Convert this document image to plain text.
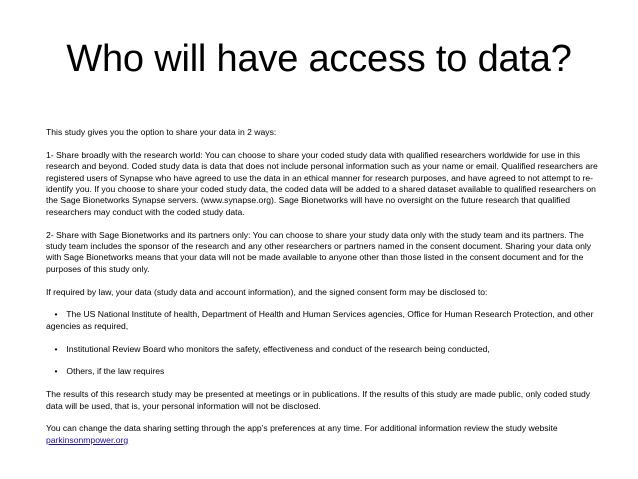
Who will have access to data?

This study gives you the option to share your data in 2 ways:

1- Share broadly with the research world: You can choose to share your coded study data with qualified researchers worldwide for use in this research and beyond. Coded study data is data that does not include personal information such as your name or email. Qualified researchers are registered users of Synapse who have agreed to use the data in an ethical manner for research purposes, and have agreed to not attempt to re-identify you. If you choose to share your coded study data, the coded data will be added to a shared dataset available to qualified researchers on the Sage Bionetworks Synapse servers. (www.synapse.org). Sage Bionetworks will have no oversight on the future research that qualified researchers may conduct with the coded study data.

2- Share with Sage Bionetworks and its partners only: You can choose to share your study data only with the study team and its partners. The study team includes the sponsor of the research and any other researchers or partners named in the consent document. Sharing your data only with Sage Bionetworks means that your data will not be made available to anyone other than those listed in the consent document and for the purposes of this study only.

If required by law, your data (study data and account information), and the signed consent form may be disclosed to:

• The US National Institute of health, Department of Health and Human Services agencies, Office for Human Research Protection, and other agencies as required,

• Institutional Review Board who monitors the safety, effectiveness and conduct of the research being conducted,

• Others, if the law requires

The results of this research study may be presented at meetings or in publications. If the results of this study are made public, only coded study data will be used, that is, your personal information will not be disclosed.

You can change the data sharing setting through the app’s preferences at any time. For additional information review the study website parkinsonmpower.org
